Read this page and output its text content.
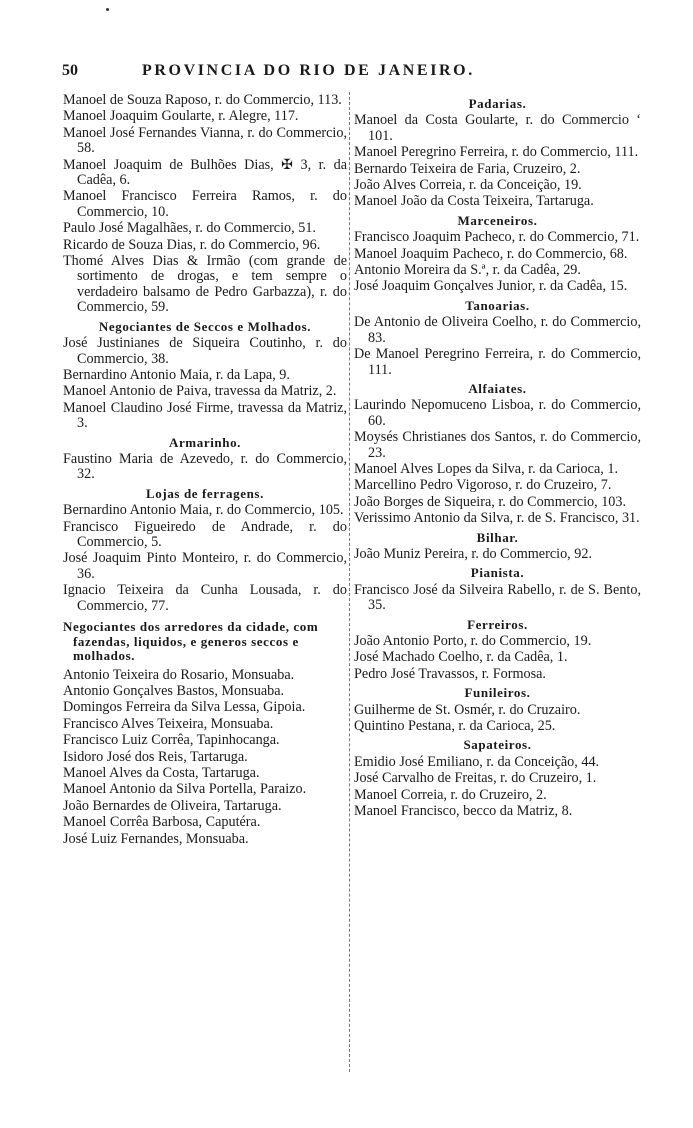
50	PROVINCIA DO RIO DE JANEIRO.
Manoel de Souza Raposo, r. do Commercio, 113.
Manoel Joaquim Goularte, r. Alegre, 117.
Manoel José Fernandes Vianna, r. do Commercio, 58.
Manoel Joaquim de Bulhões Dias, ✠ 3, r. da Cadêa, 6.
Manoel Francisco Ferreira Ramos, r. do Commercio, 10.
Paulo José Magalhães, r. do Commercio, 51.
Ricardo de Souza Dias, r. do Commercio, 96.
Thomé Alves Dias & Irmão (com grande de sortimento de drogas, e tem sempre o verdadeiro balsamo de Pedro Garbazza), r. do Commercio, 59.
Negociantes de Seccos e Molhados.
José Justinianes de Siqueira Coutinho, r. do Commercio, 38.
Bernardino Antonio Maia, r. da Lapa, 9.
Manoel Antonio de Paiva, travessa da Matriz, 2.
Manoel Claudino José Firme, travessa da Matriz, 3.
Armarinho.
Faustino Maria de Azevedo, r. do Commercio, 32.
Lojas de ferragens.
Bernardino Antonio Maia, r. do Commercio, 105.
Francisco Figueiredo de Andrade, r. do Commercio, 5.
José Joaquim Pinto Monteiro, r. do Commercio, 36.
Ignacio Teixeira da Cunha Lousada, r. do Commercio, 77.
Negociantes dos arredores da cidade, com fazendas, liquidos, e generos seccos e molhados.
Antonio Teixeira do Rosario, Monsuaba.
Antonio Gonçalves Bastos, Monsuaba.
Domingos Ferreira da Silva Lessa, Gipoia.
Francisco Alves Teixeira, Monsuaba.
Francisco Luiz Corrêa, Tapinhocanga.
Isidoro José dos Reis, Tartaruga.
Manoel Alves da Costa, Tartaruga.
Manoel Antonio da Silva Portella, Paraizo.
João Bernardes de Oliveira, Tartaruga.
Manoel Corrêa Barbosa, Caputéra.
José Luiz Fernandes, Monsuaba.
Padarias.
Manoel da Costa Goularte, r. do Commercio ‘ 101.
Manoel Peregrino Ferreira, r. do Commercio, 111.
Bernardo Teixeira de Faria, Cruzeiro, 2.
João Alves Correia, r. da Conceição, 19.
Manoel João da Costa Teixeira, Tartaruga.
Marceneiros.
Francisco Joaquim Pacheco, r. do Commercio, 71.
Manoel Joaquim Pacheco, r. do Commercio, 68.
Antonio Moreira da S.ª, r. da Cadêa, 29.
José Joaquim Gonçalves Junior, r. da Cadêa, 15.
Tanoarias.
De Antonio de Oliveira Coelho, r. do Commercio, 83.
De Manoel Peregrino Ferreira, r. do Commercio, 111.
Alfaiates.
Laurindo Nepomuceno Lisboa, r. do Commercio, 60.
Moysés Christianes dos Santos, r. do Commercio, 23.
Manoel Alves Lopes da Silva, r. da Carioca, 1.
Marcellino Pedro Vigoroso, r. do Cruzeiro, 7.
João Borges de Siqueira, r. do Commercio, 103.
Verissimo Antonio da Silva, r. de S. Francisco, 31.
Bilhar.
João Muniz Pereira, r. do Commercio, 92.
Pianista.
Francisco José da Silveira Rabello, r. de S. Bento, 35.
Ferreiros.
João Antonio Porto, r. do Commercio, 19.
José Machado Coelho, r. da Cadêa, 1.
Pedro José Travassos, r. Formosa.
Funileiros.
Guilherme de St. Osmér, r. do Cruzairo.
Quintino Pestana, r. da Carioca, 25.
Sapateiros.
Emidio José Emiliano, r. da Conceição, 44.
José Carvalho de Freitas, r. do Cruzeiro, 1.
Manoel Correia, r. do Cruzeiro, 2.
Manoel Francisco, becco da Matriz, 8.
